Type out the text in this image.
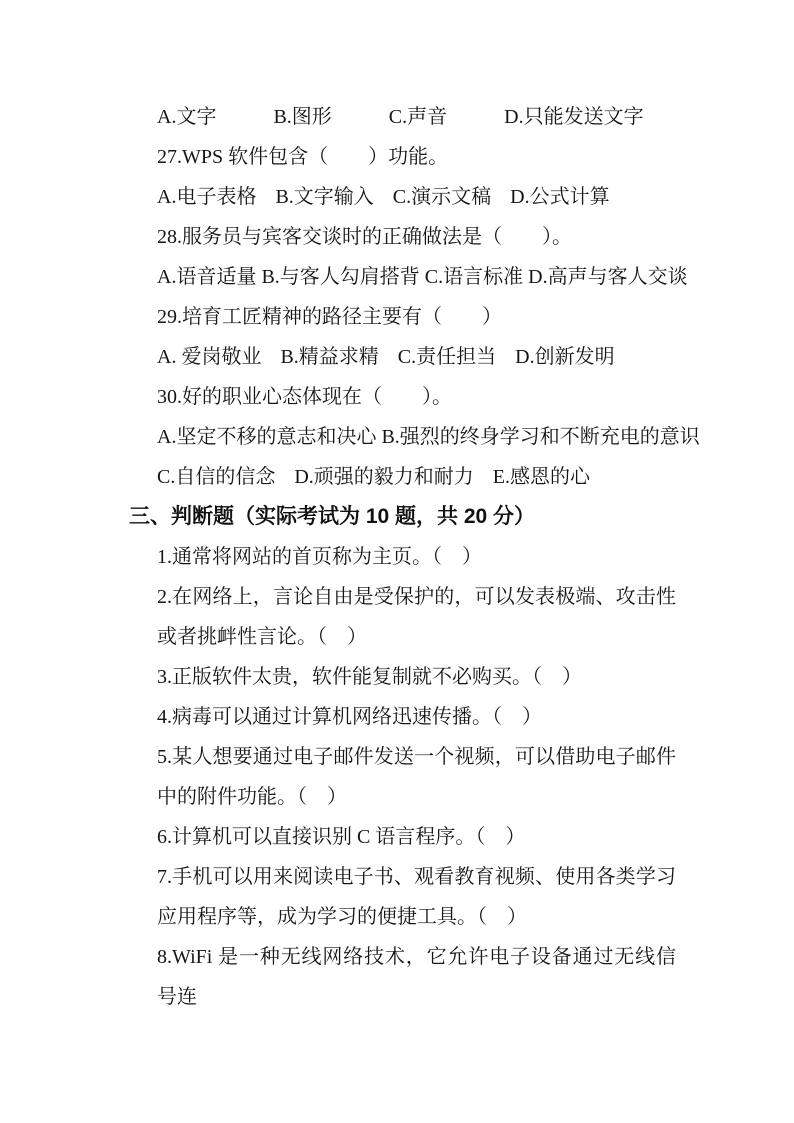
A.文字	B.图形	C.声音	D.只能发送文字

27.WPS 软件包含（　　）功能。

A.电子表格 B.文字输入 C.演示文稿 D.公式计算

28.服务员与宾客交谈时的正确做法是（　　）。

A.语音适量 B.与客人勾肩搭背 C.语言标准 D.高声与客人交谈

29.培育工匠精神的路径主要有（　　）

A. 爱岗敬业 B.精益求精 C.责任担当 D.创新发明

30.好的职业心态体现在（　　）。

A.坚定不移的意志和决心 B.强烈的终身学习和不断充电的意识
C.自信的信念 D.顽强的毅力和耐力 E.感恩的心
三、判断题（实际考试为 10 题，共 20 分）

1.通常将网站的首页称为主页。（　）

2.在网络上，言论自由是受保护的，可以发表极端、攻击性或者挑衅性言论。（　）

3.正版软件太贵，软件能复制就不必购买。（　）

4.病毒可以通过计算机网络迅速传播。（　）

5.某人想要通过电子邮件发送一个视频，可以借助电子邮件中的附件功能。（　）

6.计算机可以直接识别 C 语言程序。（　）

7.手机可以用来阅读电子书、观看教育视频、使用各类学习应用程序等，成为学习的便捷工具。（　）

8.WiFi 是一种无线网络技术，它允许电子设备通过无线信号连
